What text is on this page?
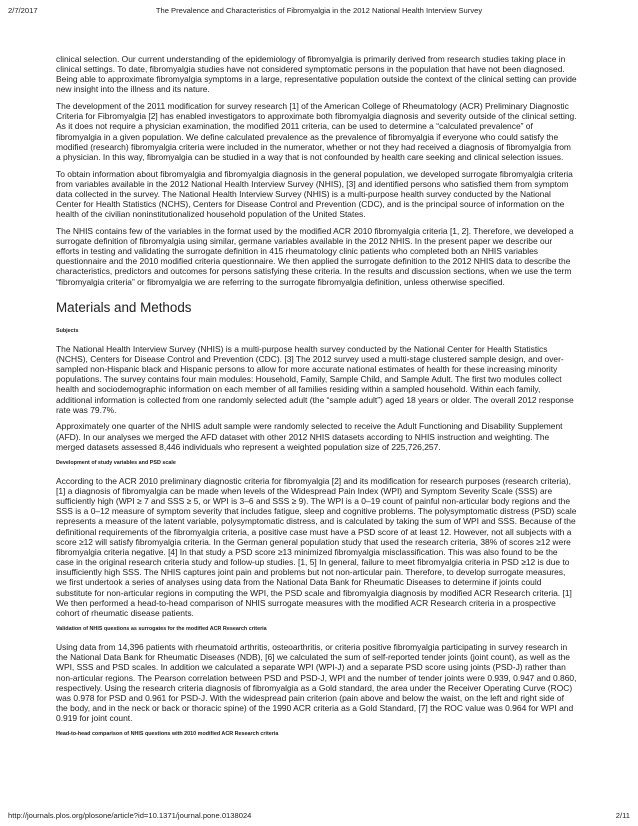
2/7/2017	The Prevalence and Characteristics of Fibromyalgia in the 2012 National Health Interview Survey

clinical selection. Our current understanding of the epidemiology of fibromyalgia is primarily derived from research studies taking place in clinical settings. To date, fibromyalgia studies have not considered symptomatic persons in the population that have not been diagnosed. Being able to approximate fibromyalgia symptoms in a large, representative population outside the context of the clinical setting can provide new insight into the illness and its nature.

The development of the 2011 modification for survey research [1] of the American College of Rheumatology (ACR) Preliminary Diagnostic Criteria for Fibromyalgia [2] has enabled investigators to approximate both fibromyalgia diagnosis and severity outside of the clinical setting. As it does not require a physician examination, the modified 2011 criteria, can be used to determine a “calculated prevalence” of fibromyalgia in a given population. We define calculated prevalence as the prevalence of fibromyalgia if everyone who could satisfy the modified (research) fibromyalgia criteria were included in the numerator, whether or not they had received a diagnosis of fibromyalgia from a physician. In this way, fibromyalgia can be studied in a way that is not confounded by health care seeking and clinical selection issues.

To obtain information about fibromyalgia and fibromyalgia diagnosis in the general population, we developed surrogate fibromyalgia criteria from variables available in the 2012 National Health Interview Survey (NHIS), [3] and identified persons who satisfied them from symptom data collected in the survey. The National Health Interview Survey (NHIS) is a multi-purpose health survey conducted by the National Center for Health Statistics (NCHS), Centers for Disease Control and Prevention (CDC), and is the principal source of information on the health of the civilian noninstitutionalized household population of the United States.

The NHIS contains few of the variables in the format used by the modified ACR 2010 fibromyalgia criteria [1, 2]. Therefore, we developed a surrogate definition of fibromyalgia using similar, germane variables available in the 2012 NHIS. In the present paper we describe our efforts in testing and validating the surrogate definition in 415 rheumatology clinic patients who completed both an NHIS variables questionnaire and the 2010 modified criteria questionnaire. We then applied the surrogate definition to the 2012 NHIS data to describe the characteristics, predictors and outcomes for persons satisfying these criteria. In the results and discussion sections, when we use the term “fibromyalgia criteria” or fibromyalgia we are referring to the surrogate fibromyalgia definition, unless otherwise specified.

Materials and Methods
Subjects

The National Health Interview Survey (NHIS) is a multi-purpose health survey conducted by the National Center for Health Statistics (NCHS), Centers for Disease Control and Prevention (CDC). [3] The 2012 survey used a multi-stage clustered sample design, and over-sampled non-Hispanic black and Hispanic persons to allow for more accurate national estimates of health for these increasing minority populations. The survey contains four main modules: Household, Family, Sample Child, and Sample Adult. The first two modules collect health and sociodemographic information on each member of all families residing within a sampled household. Within each family, additional information is collected from one randomly selected adult (the “sample adult”) aged 18 years or older. The overall 2012 response rate was 79.7%.

Approximately one quarter of the NHIS adult sample were randomly selected to receive the Adult Functioning and Disability Supplement (AFD). In our analyses we merged the AFD dataset with other 2012 NHIS datasets according to NHIS instruction and weighting. The merged datasets assessed 8,446 individuals who represent a weighted population size of 225,726,257.

Development of study variables and PSD scale

According to the ACR 2010 preliminary diagnostic criteria for fibromyalgia [2] and its modification for research purposes (research criteria), [1] a diagnosis of fibromyalgia can be made when levels of the Widespread Pain Index (WPI) and Symptom Severity Scale (SSS) are sufficiently high (WPI ≥ 7 and SSS ≥ 5, or WPI is 3–6 and SSS ≥ 9). The WPI is a 0–19 count of painful non-articular body regions and the SSS is a 0–12 measure of symptom severity that includes fatigue, sleep and cognitive problems. The polysymptomatic distress (PSD) scale represents a measure of the latent variable, polysymptomatic distress, and is calculated by taking the sum of WPI and SSS. Because of the definitional requirements of the fibromyalgia criteria, a positive case must have a PSD score of at least 12. However, not all subjects with a score ≥12 will satisfy fibromyalgia criteria. In the German general population study that used the research criteria, 38% of scores ≥12 were fibromyalgia criteria negative. [4] In that study a PSD score ≥13 minimized fibromyalgia misclassification. This was also found to be the case in the original research criteria study and follow-up studies. [1, 5] In general, failure to meet fibromyalgia criteria in PSD ≥12 is due to insufficiently high SSS. The NHIS captures joint pain and problems but not non-articular pain. Therefore, to develop surrogate measures, we first undertook a series of analyses using data from the National Data Bank for Rheumatic Diseases to determine if joints could substitute for non-articular regions in computing the WPI, the PSD scale and fibromyalgia diagnosis by modified ACR Research criteria. [1] We then performed a head-to-head comparison of NHIS surrogate measures with the modified ACR Research criteria in a prospective cohort of rheumatic disease patients.

Validation of NHIS questions as surrogates for the modified ACR Research criteria

Using data from 14,396 patients with rheumatoid arthritis, osteoarthritis, or criteria positive fibromyalgia participating in survey research in the National Data Bank for Rheumatic Diseases (NDB), [6] we calculated the sum of self-reported tender joints (joint count), as well as the WPI, SSS and PSD scales. In addition we calculated a separate WPI (WPI-J) and a separate PSD score using joints (PSD-J) rather than non-articular regions. The Pearson correlation between PSD and PSD-J, WPI and the number of tender joints were 0.939, 0.947 and 0.860, respectively. Using the research criteria diagnosis of fibromyalgia as a Gold standard, the area under the Receiver Operating Curve (ROC) was 0.978 for PSD and 0.961 for PSD-J. With the widespread pain criterion (pain above and below the waist, on the left and right side of the body, and in the neck or back or thoracic spine) of the 1990 ACR criteria as a Gold Standard, [7] the ROC value was 0.964 for WPI and 0.919 for joint count.

Head-to-head comparison of NHIS questions with 2010 modified ACR Research criteria
http://journals.plos.org/plosone/article?id=10.1371/journal.pone.0138024	2/11
